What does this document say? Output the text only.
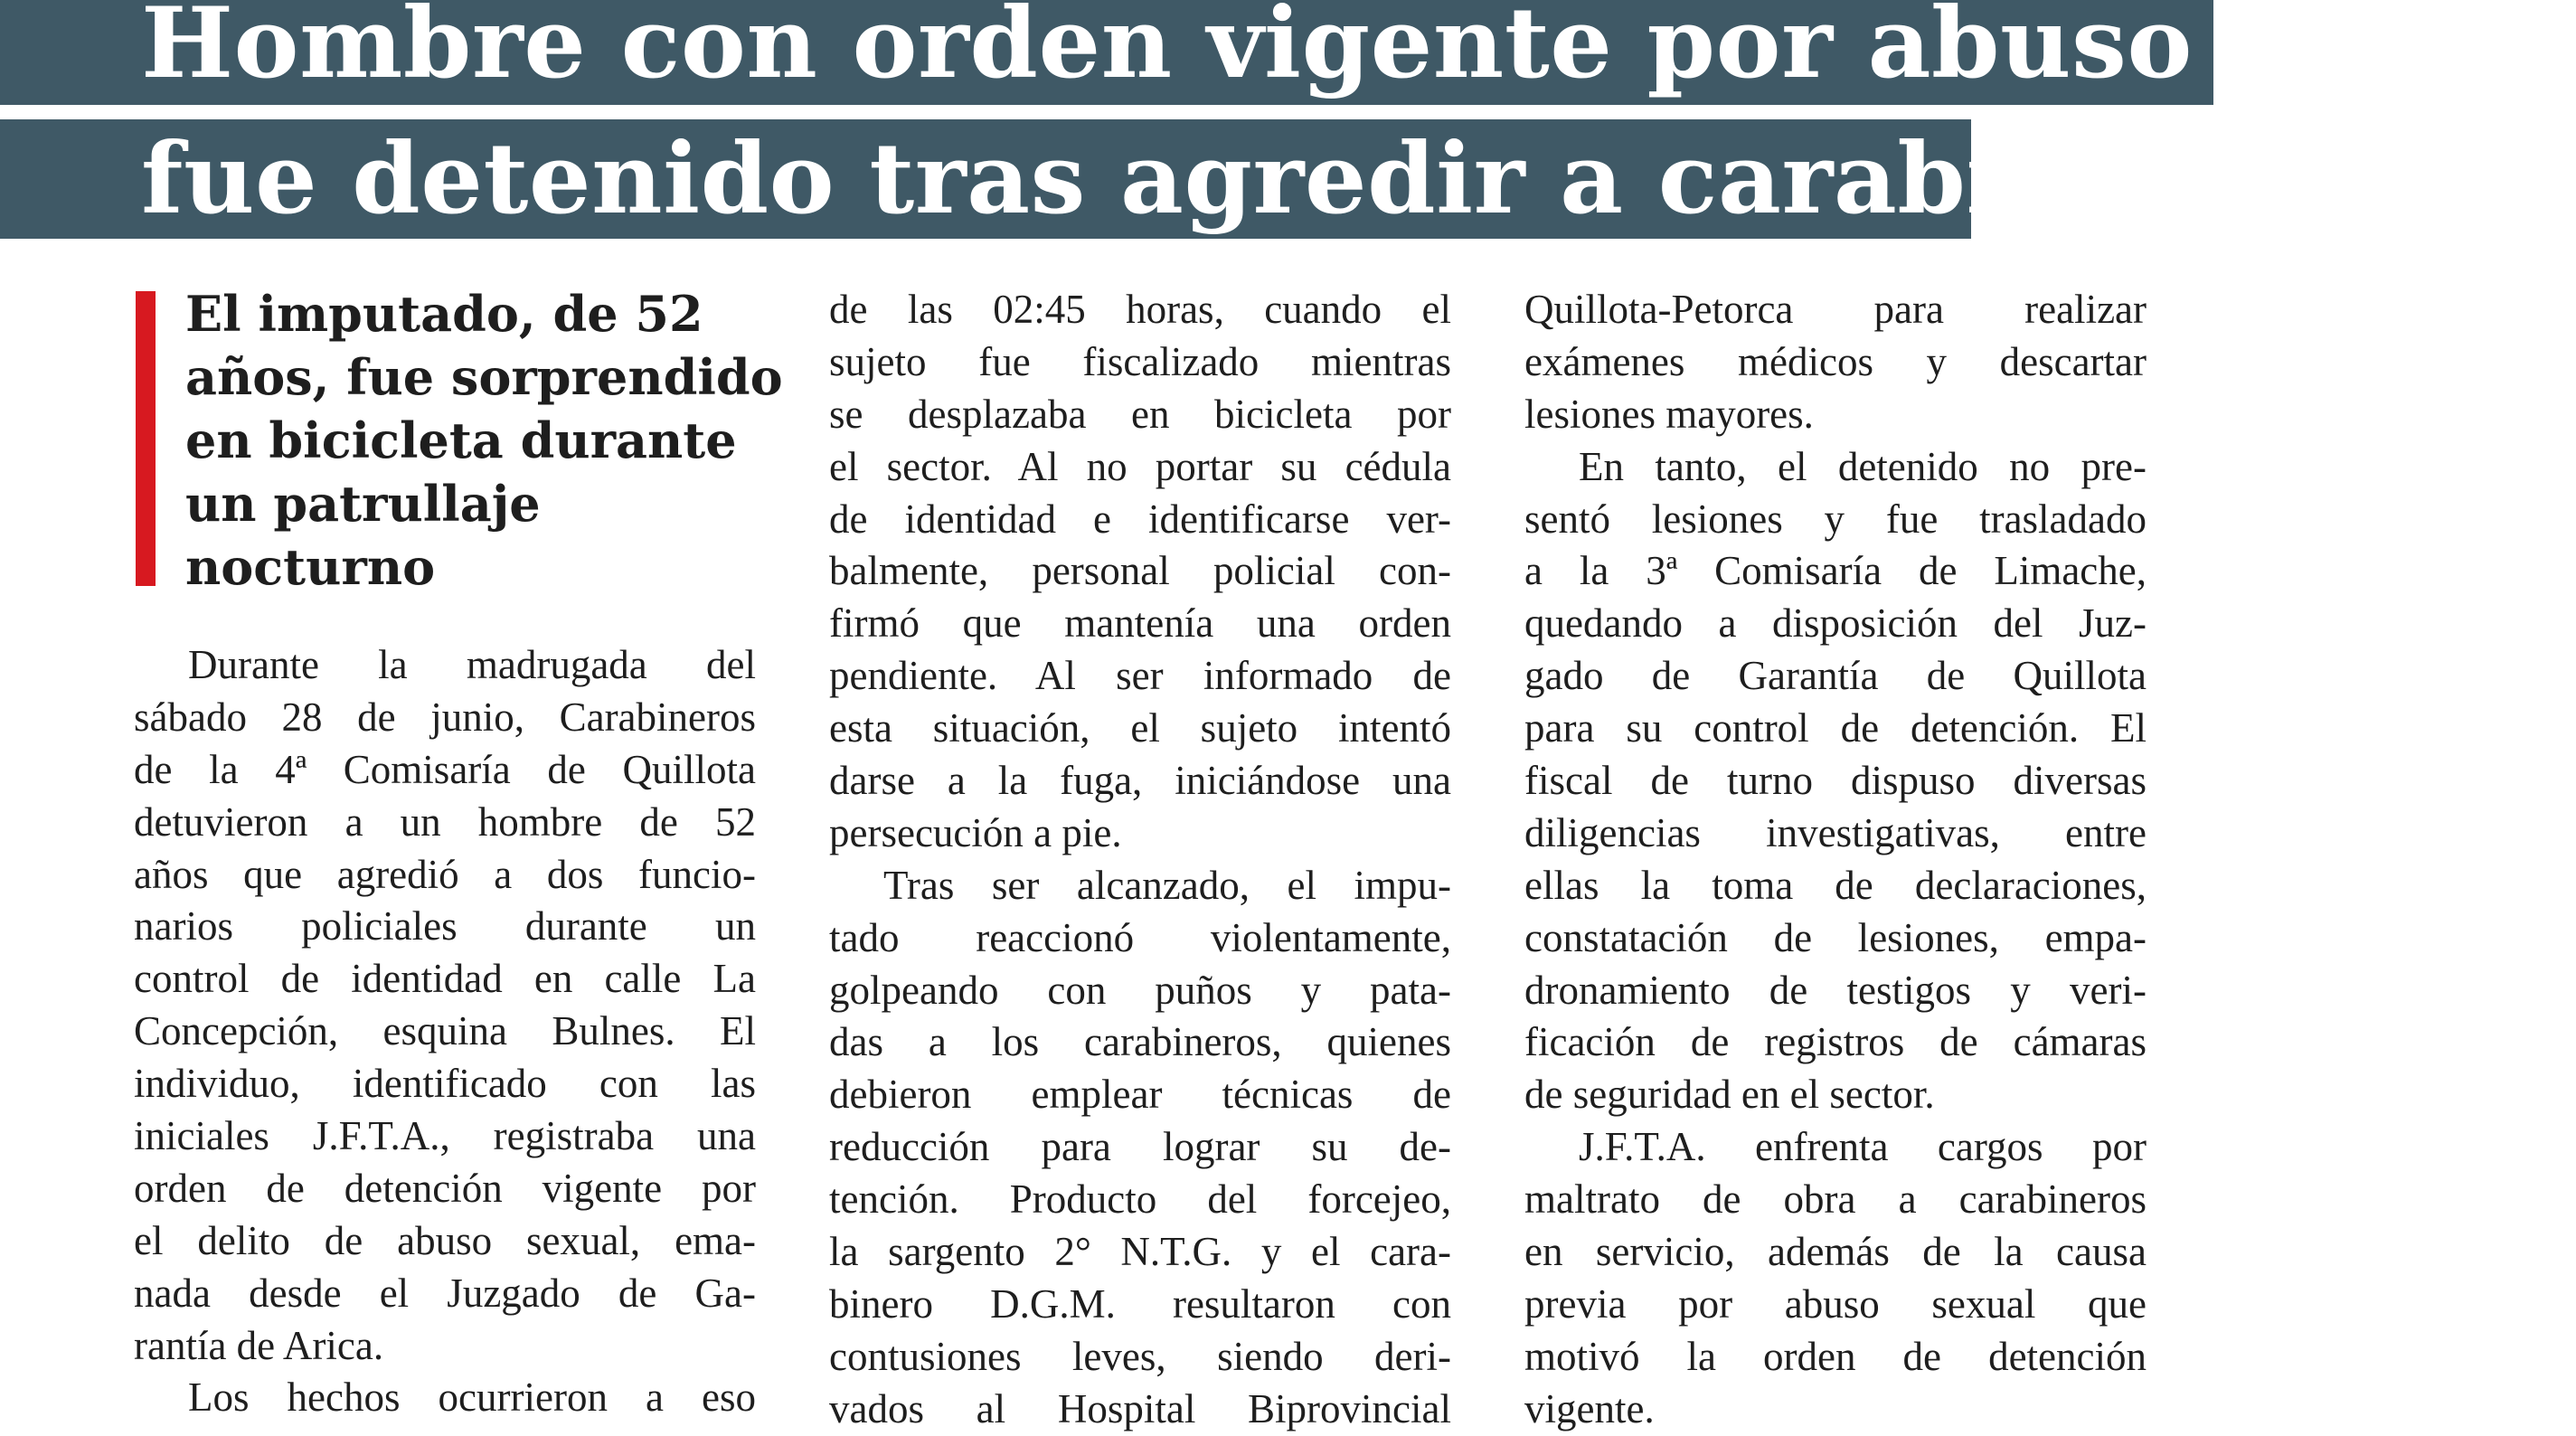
Hombre con orden vigente por abuso sexual
fue detenido tras agredir a carabineros
El imputado, de 52
años, fue sorprendido
en bicicleta durante
un patrullaje
nocturno
Durante la madrugada del
sábado 28 de junio, Carabineros
de la 4ª Comisaría de Quillota
detuvieron a un hombre de 52
años que agredió a dos funcio-
narios policiales durante un
control de identidad en calle La
Concepción, esquina Bulnes. El
individuo, identificado con las
iniciales J.F.T.A., registraba una
orden de detención vigente por
el delito de abuso sexual, ema-
nada desde el Juzgado de Ga-
rantía de Arica.
Los hechos ocurrieron a eso
de las 02:45 horas, cuando el
sujeto fue fiscalizado mientras
se desplazaba en bicicleta por
el sector. Al no portar su cédula
de identidad e identificarse ver-
balmente, personal policial con-
firmó que mantenía una orden
pendiente. Al ser informado de
esta situación, el sujeto intentó
darse a la fuga, iniciándose una
persecución a pie.
Tras ser alcanzado, el impu-
tado reaccionó violentamente,
golpeando con puños y pata-
das a los carabineros, quienes
debieron emplear técnicas de
reducción para lograr su de-
tención. Producto del forcejeo,
la sargento 2° N.T.G. y el cara-
binero D.G.M. resultaron con
contusiones leves, siendo deri-
vados al Hospital Biprovincial
Quillota-Petorca para realizar
exámenes médicos y descartar
lesiones mayores.
En tanto, el detenido no pre-
sentó lesiones y fue trasladado
a la 3ª Comisaría de Limache,
quedando a disposición del Juz-
gado de Garantía de Quillota
para su control de detención. El
fiscal de turno dispuso diversas
diligencias investigativas, entre
ellas la toma de declaraciones,
constatación de lesiones, empa-
dronamiento de testigos y veri-
ficación de registros de cámaras
de seguridad en el sector.
J.F.T.A. enfrenta cargos por
maltrato de obra a carabineros
en servicio, además de la causa
previa por abuso sexual que
motivó la orden de detención
vigente.
